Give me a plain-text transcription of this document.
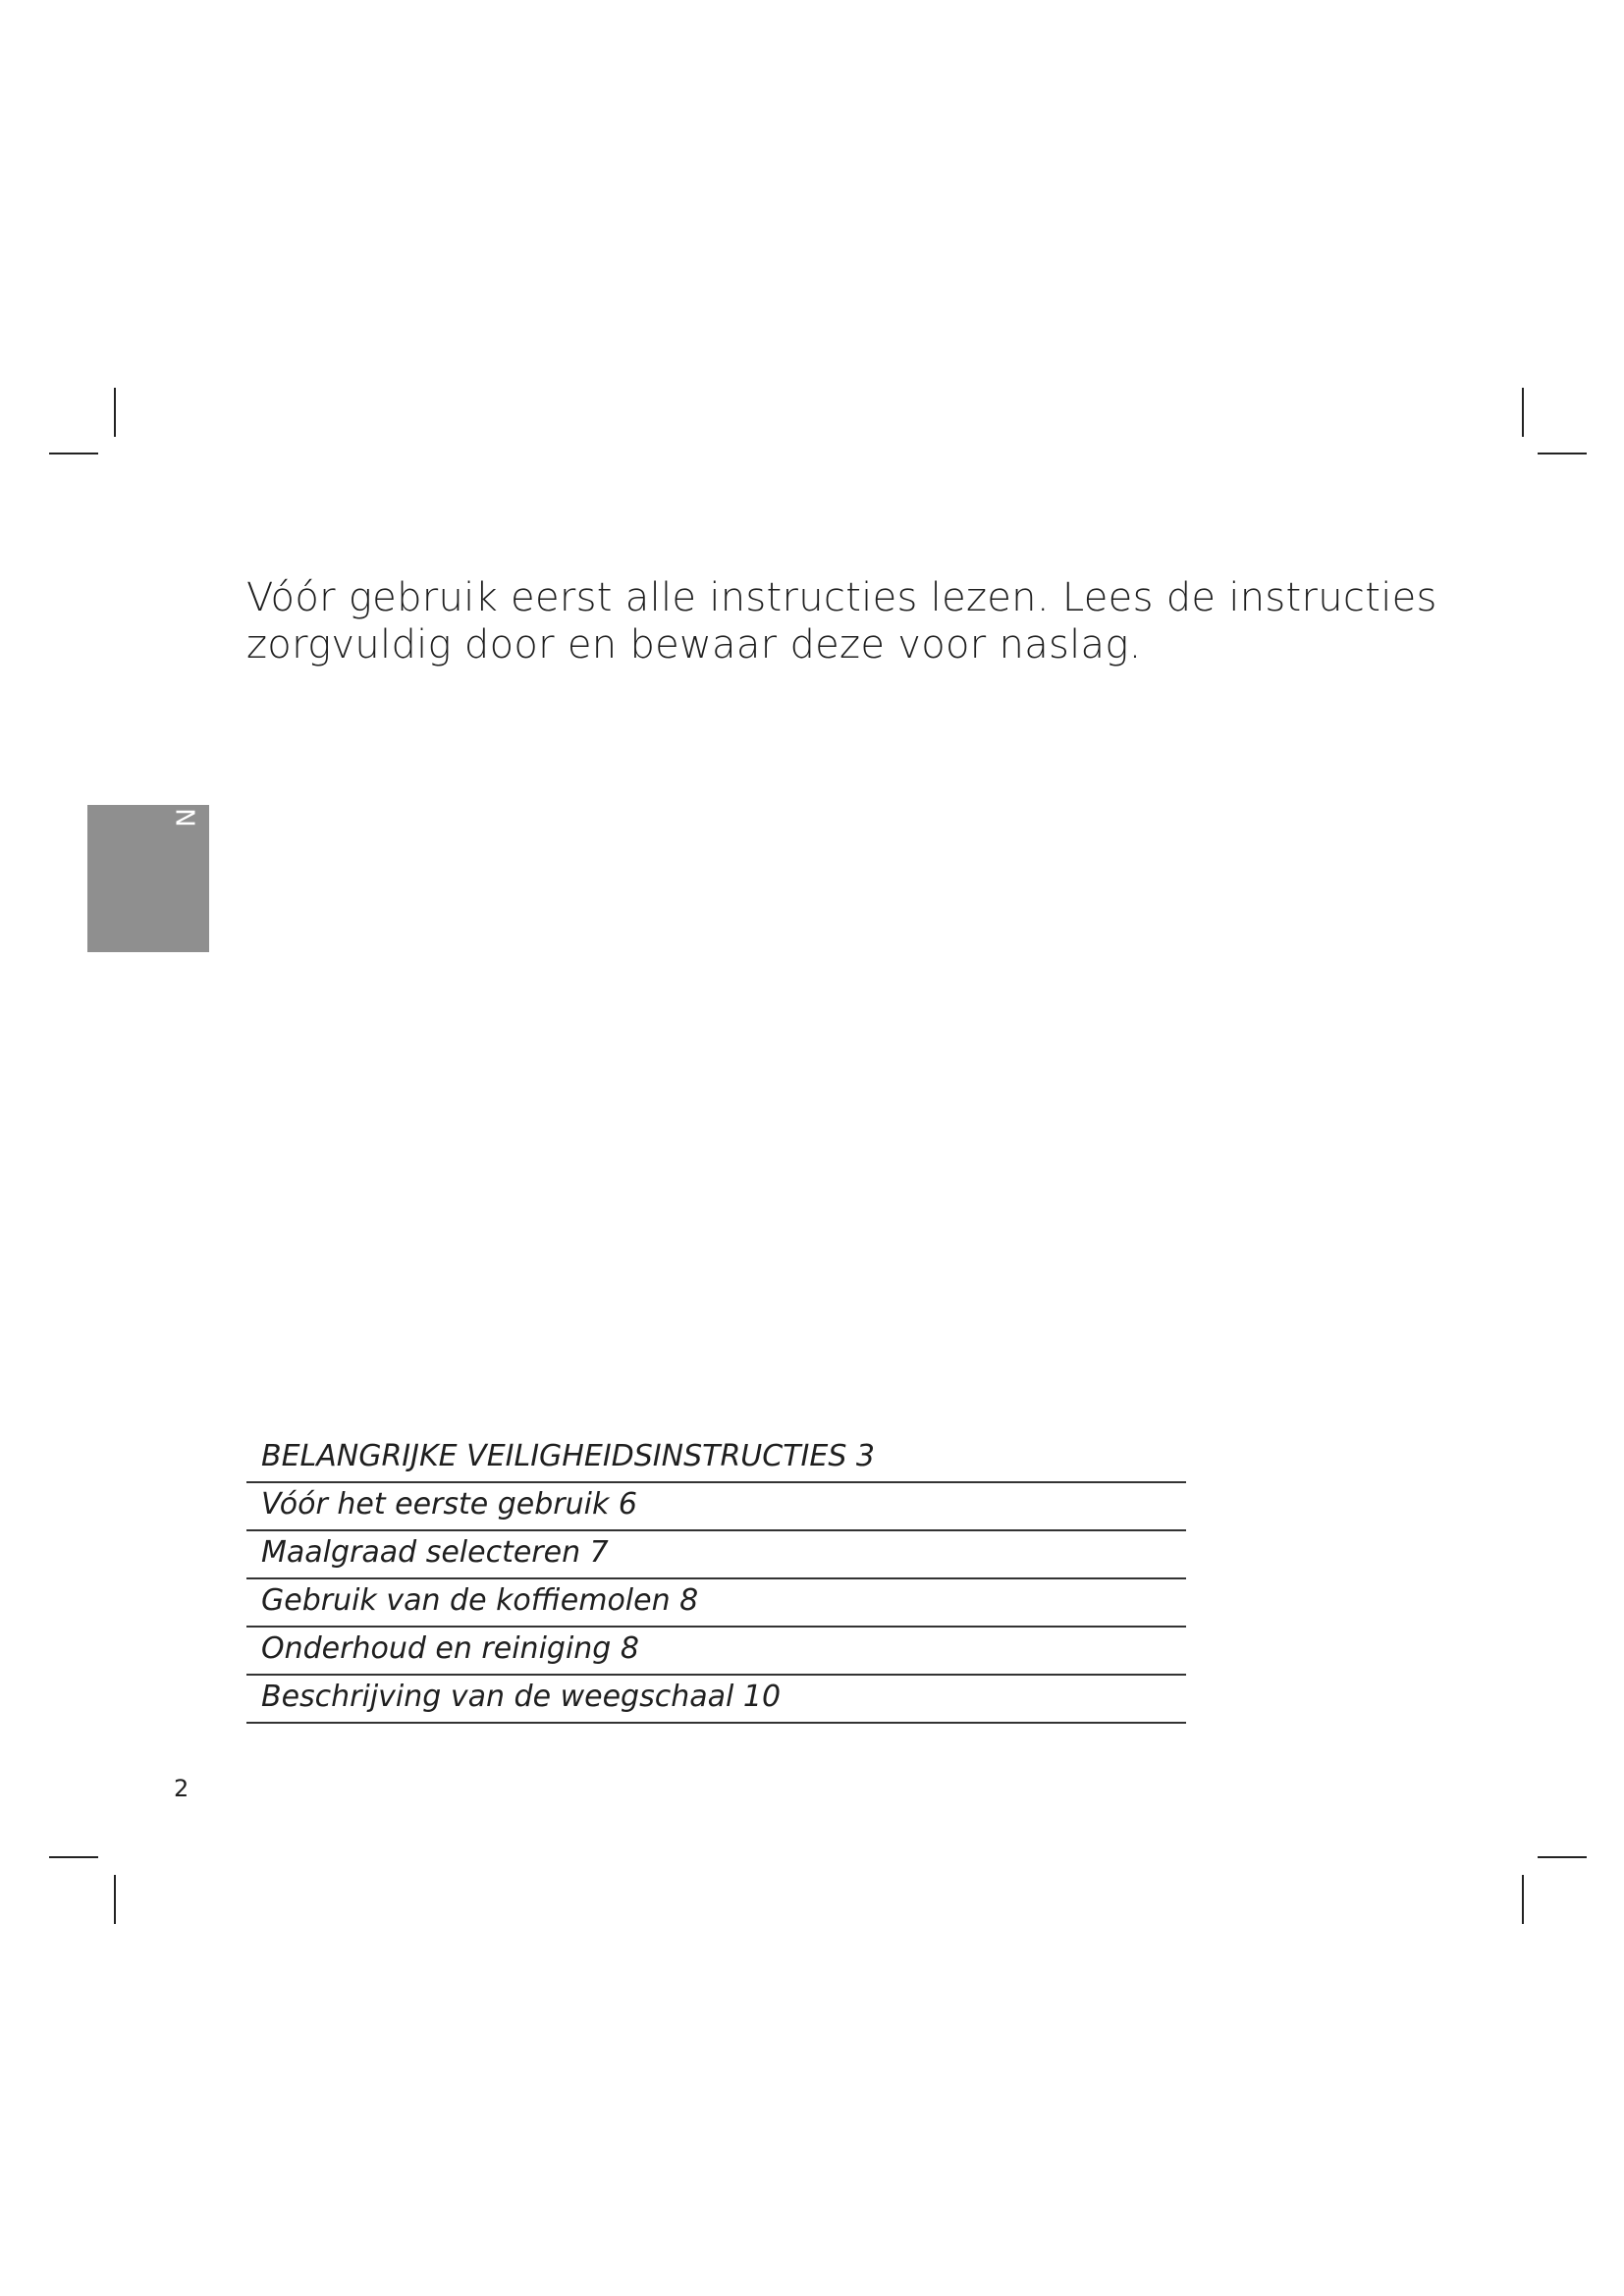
Vóór gebruik eerst alle instructies lezen. Lees de instructies
zorgvuldig door en bewaar deze voor naslag.
N
BELANGRIJKE VEILIGHEIDSINSTRUCTIES 3
Vóór het eerste gebruik 6
Maalgraad selecteren 7
Gebruik van de koffiemolen 8
Onderhoud en reiniging 8
Beschrijving van de weegschaal 10
2
